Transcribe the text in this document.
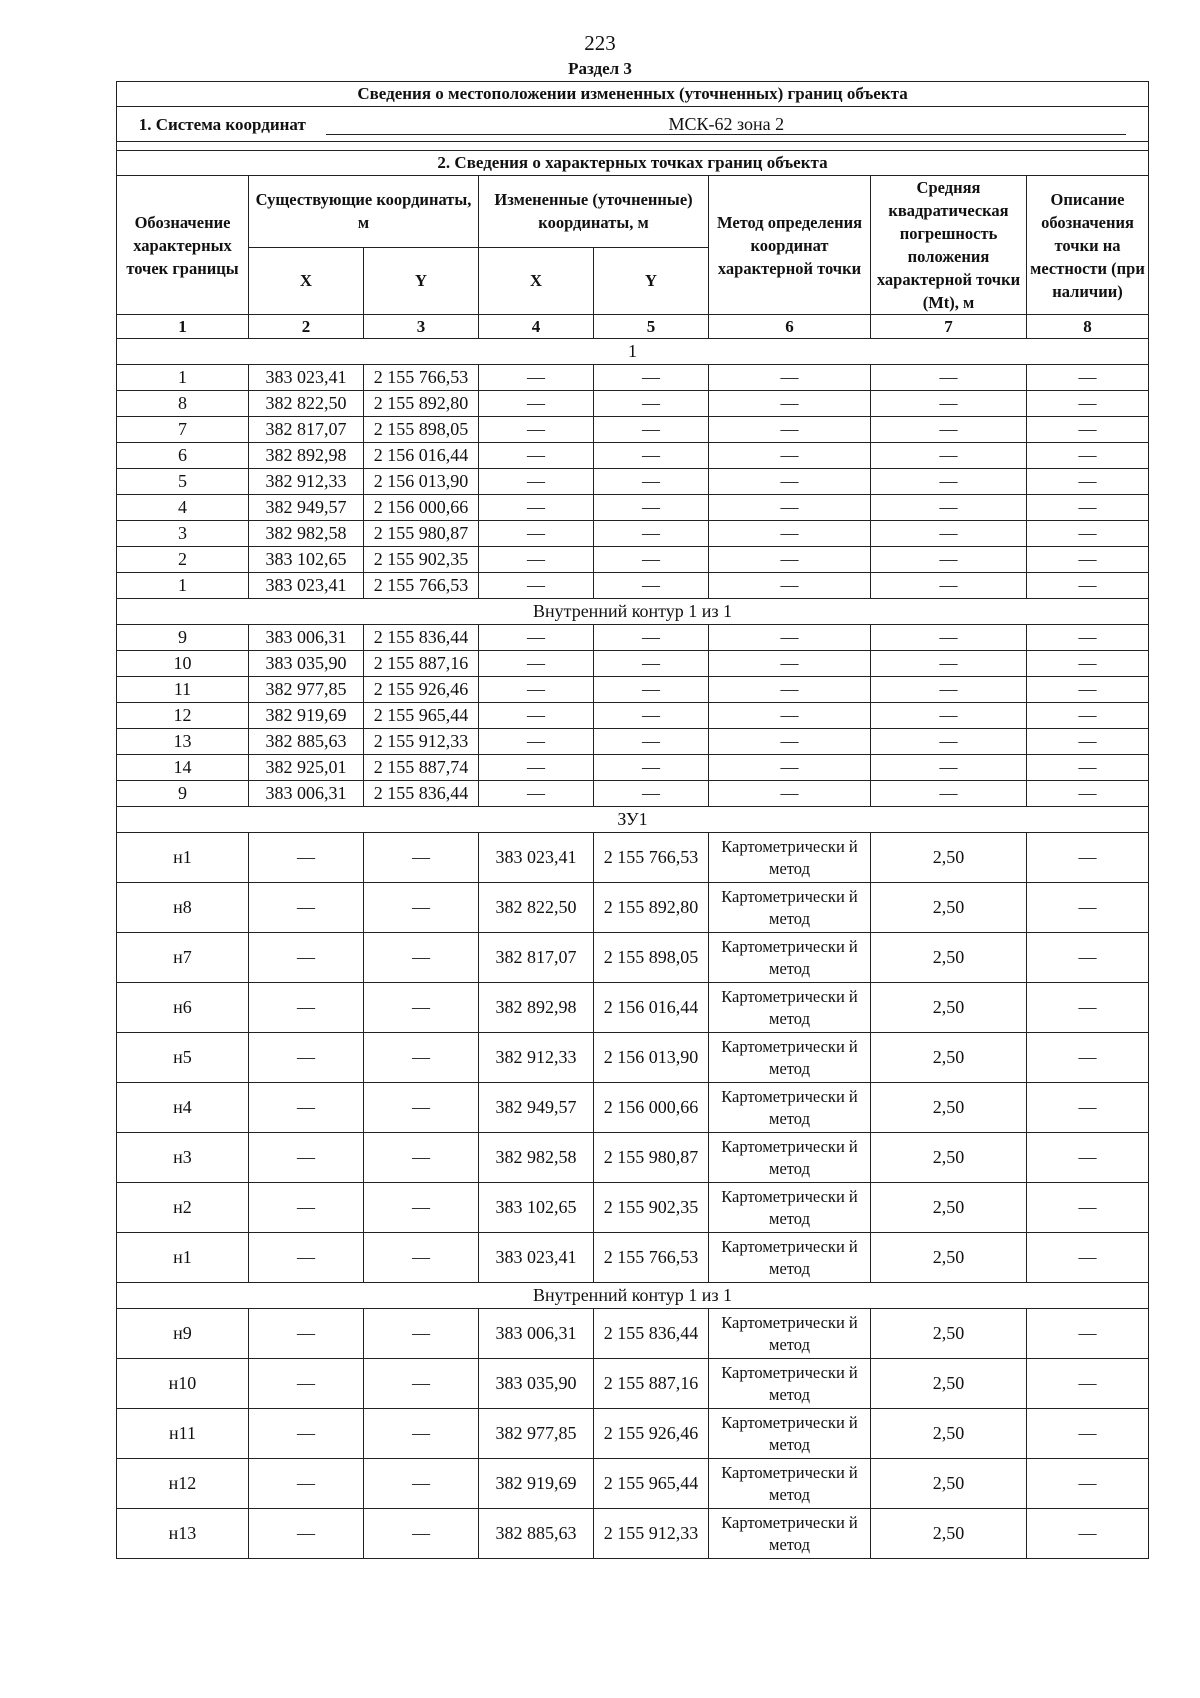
223
Раздел 3
Сведения о местоположении измененных (уточненных) границ объекта							
1. Система координат МСК-62 зона 2							

2. Сведения о характерных точках границ объекта							
Обозначение характерных точек границы	Существующие координаты, м		Измененные (уточненные) координаты, м		Метод определения координат характерной точки	Средняя квадратическая погрешность положения характерной точки (Mt), м	Описание обозначения точки на местности (при наличии)
	X	Y	X	Y			
1	2	3	4	5	6	7	8
1							
1	383 023,41	2 155 766,53	—	—	—	—	—
8	382 822,50	2 155 892,80	—	—	—	—	—
7	382 817,07	2 155 898,05	—	—	—	—	—
6	382 892,98	2 156 016,44	—	—	—	—	—
5	382 912,33	2 156 013,90	—	—	—	—	—
4	382 949,57	2 156 000,66	—	—	—	—	—
3	382 982,58	2 155 980,87	—	—	—	—	—
2	383 102,65	2 155 902,35	—	—	—	—	—
1	383 023,41	2 155 766,53	—	—	—	—	—
Внутренний контур 1 из 1							
9	383 006,31	2 155 836,44	—	—	—	—	—
10	383 035,90	2 155 887,16	—	—	—	—	—
11	382 977,85	2 155 926,46	—	—	—	—	—
12	382 919,69	2 155 965,44	—	—	—	—	—
13	382 885,63	2 155 912,33	—	—	—	—	—
14	382 925,01	2 155 887,74	—	—	—	—	—
9	383 006,31	2 155 836,44	—	—	—	—	—
ЗУ1							
н1	—	—	383 023,41	2 155 766,53	Картометрически й метод	2,50	—
н8	—	—	382 822,50	2 155 892,80	Картометрически й метод	2,50	—
н7	—	—	382 817,07	2 155 898,05	Картометрически й метод	2,50	—
н6	—	—	382 892,98	2 156 016,44	Картометрически й метод	2,50	—
н5	—	—	382 912,33	2 156 013,90	Картометрически й метод	2,50	—
н4	—	—	382 949,57	2 156 000,66	Картометрически й метод	2,50	—
н3	—	—	382 982,58	2 155 980,87	Картометрически й метод	2,50	—
н2	—	—	383 102,65	2 155 902,35	Картометрически й метод	2,50	—
н1	—	—	383 023,41	2 155 766,53	Картометрически й метод	2,50	—
Внутренний контур 1 из 1							
н9	—	—	383 006,31	2 155 836,44	Картометрически й метод	2,50	—
н10	—	—	383 035,90	2 155 887,16	Картометрически й метод	2,50	—
н11	—	—	382 977,85	2 155 926,46	Картометрически й метод	2,50	—
н12	—	—	382 919,69	2 155 965,44	Картометрически й метод	2,50	—
н13	—	—	382 885,63	2 155 912,33	Картометрически й метод	2,50	—
